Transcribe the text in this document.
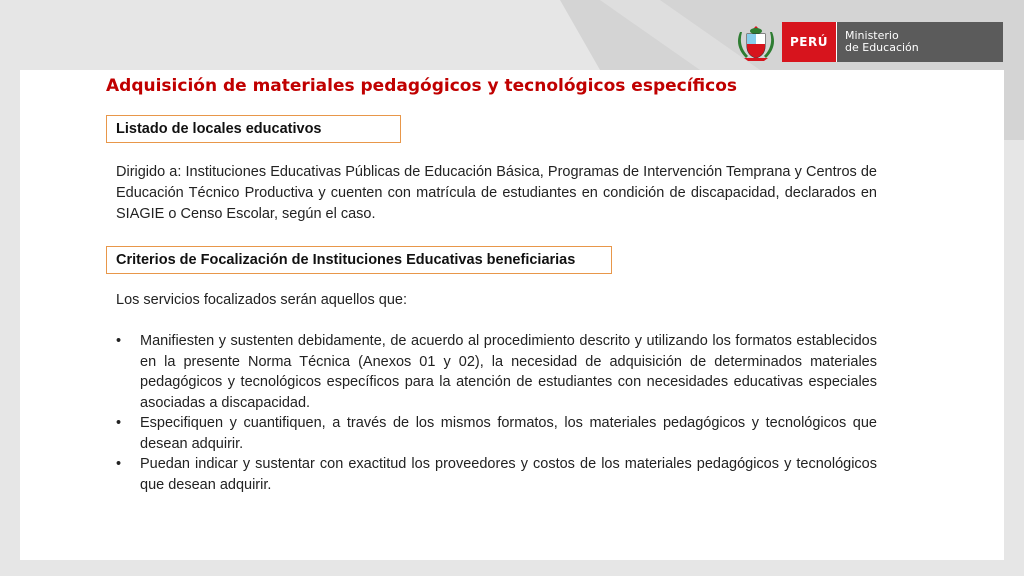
PERÚ	Ministerio
de Educación
Adquisición de materiales pedagógicos y tecnológicos específicos
Listado de locales educativos
Dirigido a: Instituciones Educativas Públicas de Educación Básica, Programas de Intervención Temprana y Centros de Educación Técnico Productiva y cuenten con matrícula de estudiantes en condición de discapacidad, declarados en SIAGIE o Censo Escolar, según el caso.
Criterios de Focalización de Instituciones Educativas beneficiarias
Los servicios focalizados serán aquellos que:
• Manifiesten y sustenten debidamente, de acuerdo al procedimiento descrito y utilizando los formatos establecidos en la presente Norma Técnica (Anexos 01 y 02), la necesidad de adquisición de determinados materiales pedagógicos y tecnológicos específicos para la atención de estudiantes con necesidades educativas especiales asociadas a discapacidad.
• Especifiquen y cuantifiquen, a través de los mismos formatos, los materiales pedagógicos y tecnológicos que desean adquirir.
• Puedan indicar y sustentar con exactitud los proveedores y costos de los materiales pedagógicos y tecnológicos que desean adquirir.
